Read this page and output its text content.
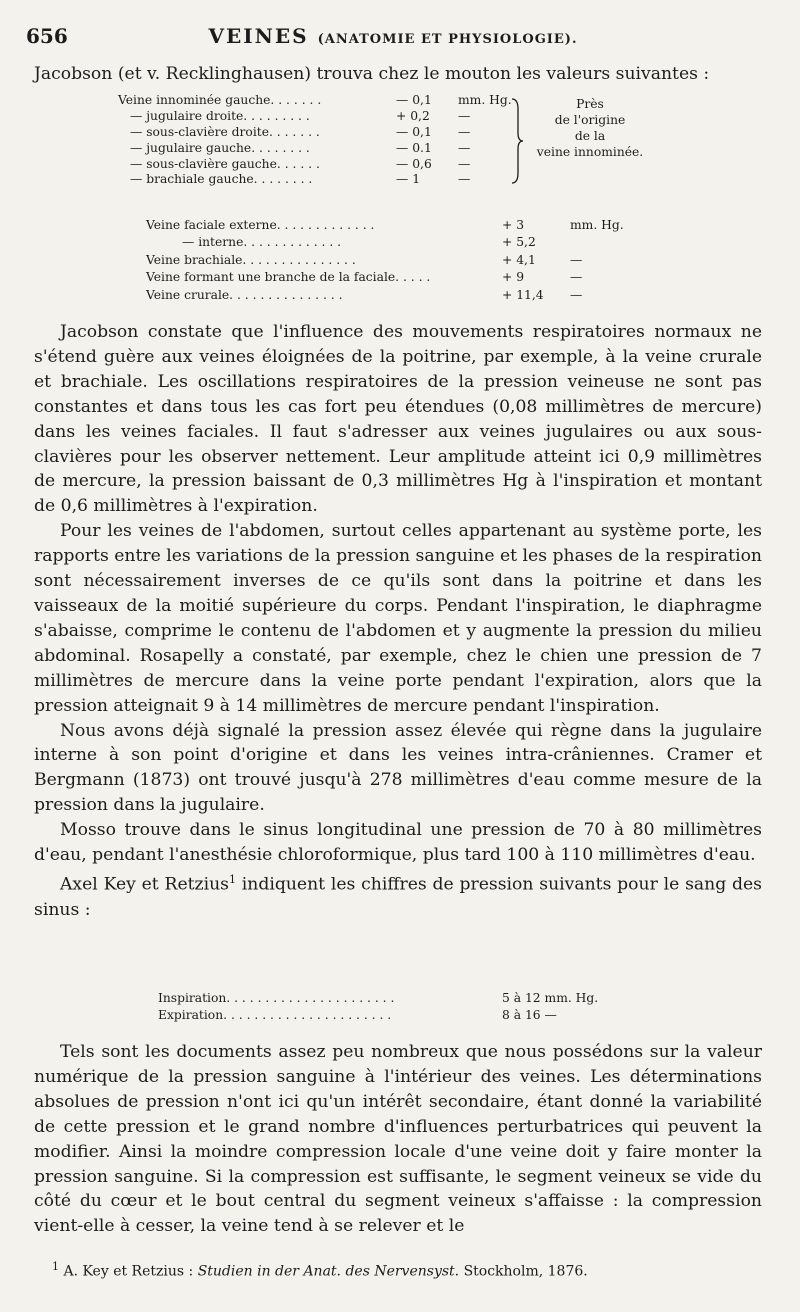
656	VEINES (ANATOMIE ET PHYSIOLOGIE).

Jacobson (et v. Recklinghausen) trouva chez le mouton les valeurs suivantes :

Veine innominée gauche. . . . . . .	— 0,1	mm. Hg.
— jugulaire droite. . . . . . . . .	+ 0,2	—
— sous-clavière droite. . . . . . .	— 0,1	—
— jugulaire gauche. . . . . . . .	— 0.1	—
— sous-clavière gauche. . . . . .	— 0,6	—
— brachiale gauche. . . . . . . .	— 1	—
Près
de l'origine
de la
veine innominée.
Veine faciale externe. . . . . . . . . . . . .	+ 3	mm. Hg.
— interne. . . . . . . . . . . . .	+ 5,2
Veine brachiale. . . . . . . . . . . . . . .	+ 4,1	—
Veine formant une branche de la faciale. . . . .	+ 9	—
Veine crurale. . . . . . . . . . . . . . .	+ 11,4	—

Jacobson constate que l'influence des mouvements respiratoires normaux ne s'étend guère aux veines éloignées de la poitrine, par exemple, à la veine crurale et brachiale. Les oscillations respiratoires de la pression veineuse ne sont pas constantes et dans tous les cas fort peu étendues (0,08 millimètres de mercure) dans les veines faciales. Il faut s'adresser aux veines jugulaires ou aux sous-clavières pour les observer nettement. Leur amplitude atteint ici 0,9 millimètres de mercure, la pression baissant de 0,3 millimètres Hg à l'inspiration et montant de 0,6 millimètres à l'expiration.

Pour les veines de l'abdomen, surtout celles appartenant au système porte, les rapports entre les variations de la pression sanguine et les phases de la respiration sont nécessairement inverses de ce qu'ils sont dans la poitrine et dans les vaisseaux de la moitié supérieure du corps. Pendant l'inspiration, le diaphragme s'abaisse, comprime le contenu de l'abdomen et y augmente la pression du milieu abdominal. Rosapelly a constaté, par exemple, chez le chien une pression de 7 millimètres de mercure dans la veine porte pendant l'expiration, alors que la pression atteignait 9 à 14 millimètres de mercure pendant l'inspiration.

Nous avons déjà signalé la pression assez élevée qui règne dans la jugulaire interne à son point d'origine et dans les veines intra-crâniennes. Cramer et Bergmann (1873) ont trouvé jusqu'à 278 millimètres d'eau comme mesure de la pression dans la jugulaire.

Mosso trouve dans le sinus longitudinal une pression de 70 à 80 millimètres d'eau, pendant l'anesthésie chloroformique, plus tard 100 à 110 millimètres d'eau.

Axel Key et Retzius$^1$ indiquent les chiffres de pression suivants pour le sang des sinus :

Inspiration. . . . . . . . . . . . . . . . . . . . . .	5 à 12 mm. Hg.
Expiration. . . . . . . . . . . . . . . . . . . . . .	8 à 16 —

Tels sont les documents assez peu nombreux que nous possédons sur la valeur numérique de la pression sanguine à l'intérieur des veines. Les déterminations absolues de pression n'ont ici qu'un intérêt secondaire, étant donné la variabilité de cette pression et le grand nombre d'influences perturbatrices qui peuvent la modifier. Ainsi la moindre compression locale d'une veine doit y faire monter la pression sanguine. Si la compression est suffisante, le segment veineux se vide du côté du cœur et le bout central du segment veineux s'affaisse : la compression vient-elle à cesser, la veine tend à se relever et le

$^1$ A. Key et Retzius : Studien in der Anat. des Nervensyst. Stockholm, 1876.
